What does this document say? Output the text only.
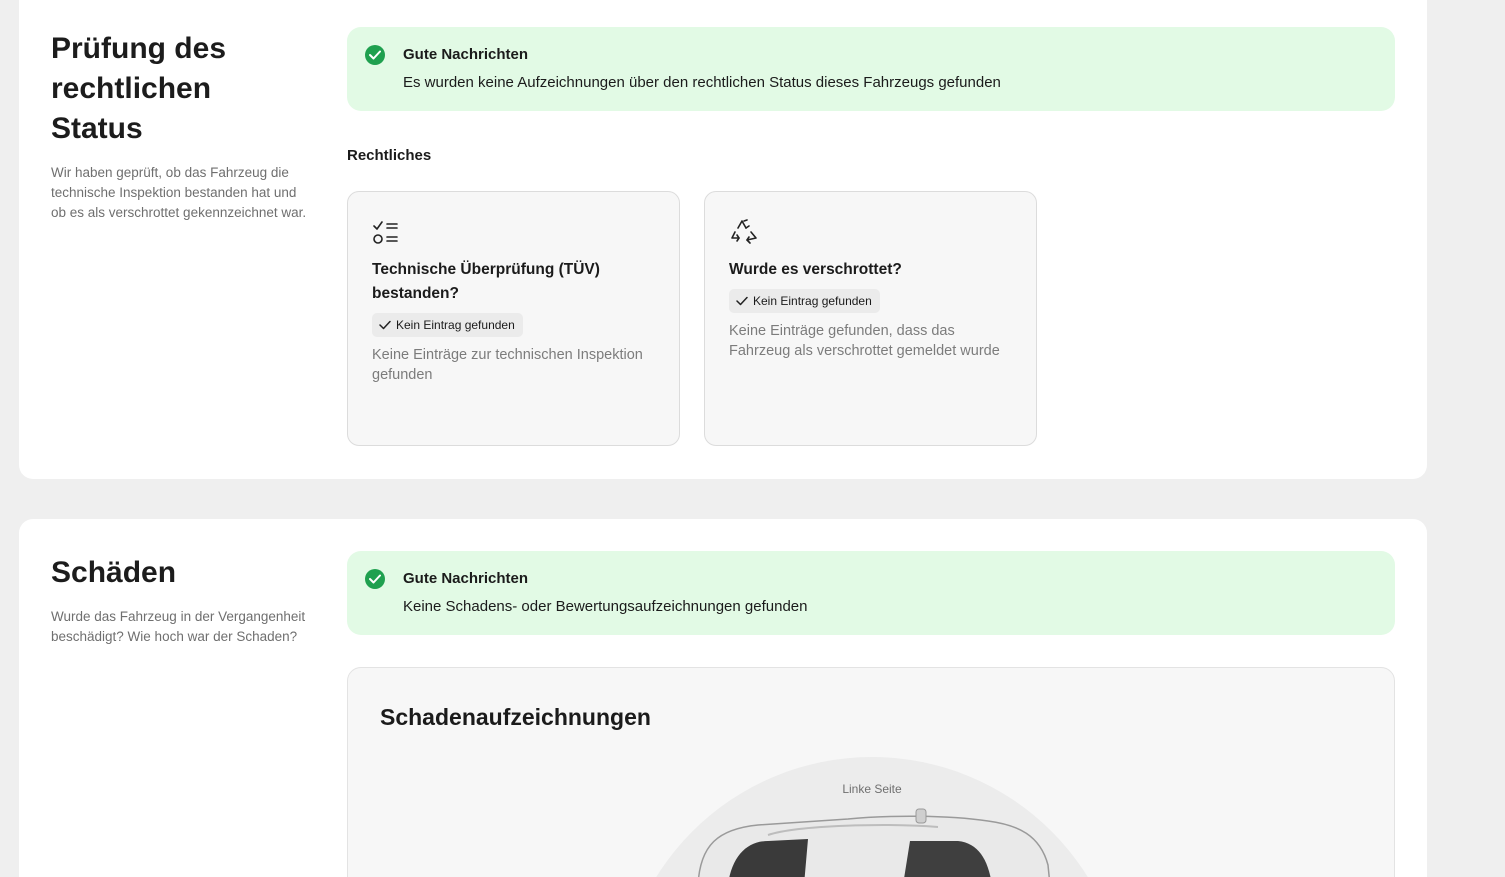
Prüfung des rechtlichen Status

Wir haben geprüft, ob das Fahrzeug die technische Inspektion bestanden hat und ob es als verschrottet gekennzeichnet war.

Gute Nachrichten
Es wurden keine Aufzeichnungen über den rechtlichen Status dieses Fahrzeugs gefunden
Rechtliches
Technische Überprüfung (TÜV) bestanden?
Kein Eintrag gefunden
Keine Einträge zur technischen Inspektion gefunden
Wurde es verschrottet?
Kein Eintrag gefunden
Keine Einträge gefunden, dass das Fahrzeug als verschrottet gemeldet wurde
Schäden

Wurde das Fahrzeug in der Vergangenheit beschädigt? Wie hoch war der Schaden?

Gute Nachrichten
Keine Schadens- oder Bewertungsaufzeichnungen gefunden
Schadenaufzeichnungen
Linke Seite
